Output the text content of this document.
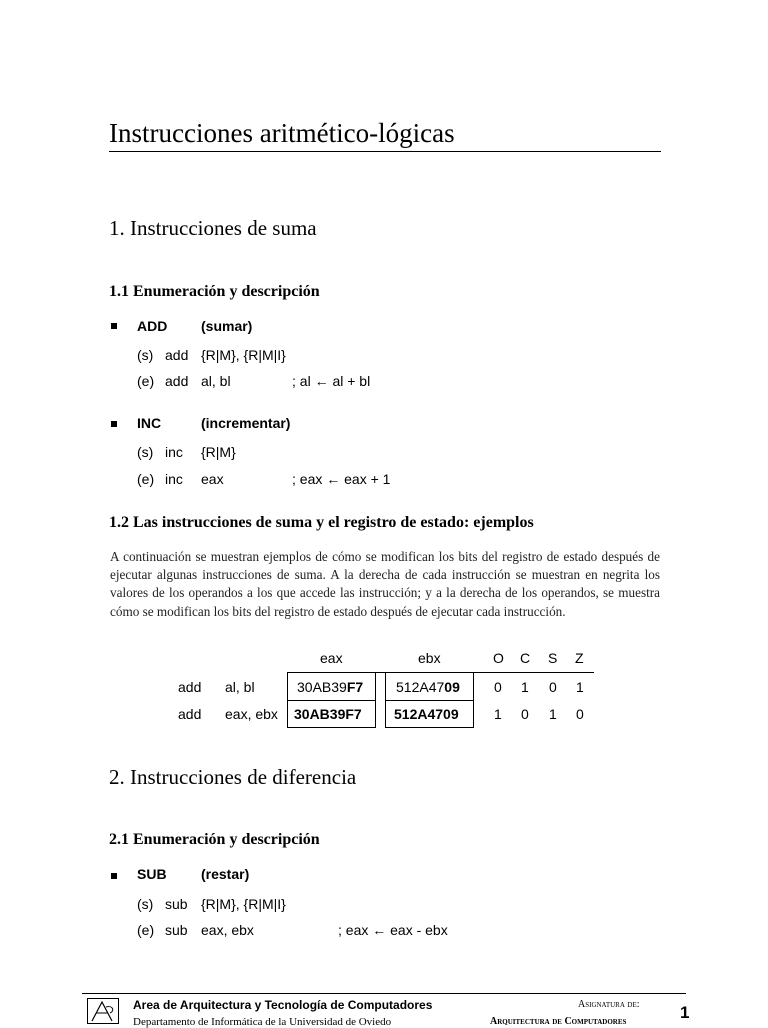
Instrucciones aritmético-lógicas
1. Instrucciones de suma
1.1 Enumeración y descripción
ADD (sumar)
(s) add {R|M}, {R|M|I}
(e) add al, bl	; al ← al + bl
INC	(incrementar)
(s) inc {R|M}
(e) inc eax	; eax ← eax + 1
1.2 Las instrucciones de suma y el registro de estado: ejemplos
A continuación se muestran ejemplos de cómo se modifican los bits del registro de estado después de ejecutar algunas instrucciones de suma. A la derecha de cada instrucción se muestran en negrita los valores de los operandos a los que accede las instrucción; y a la derecha de los operandos, se muestra cómo se modifican los bits del registro de estado después de ejecutar cada instrucción.
eax	ebx	O C S Z
add al, bl	30AB39F7 512A4709 0 1 0 1
add eax, ebx 30AB39F7 512A4709	1 0 1 0
2. Instrucciones de diferencia
2.1 Enumeración y descripción
SUB (restar)
(s) sub {R|M}, {R|M|I}
(e) sub eax, ebx	; eax ← eax - ebx
Area de Arquitectura y Tecnología de Computadores
Departamento de Informática de la Universidad de Oviedo
Asignatura de:
Arquitectura de Computadores	1
